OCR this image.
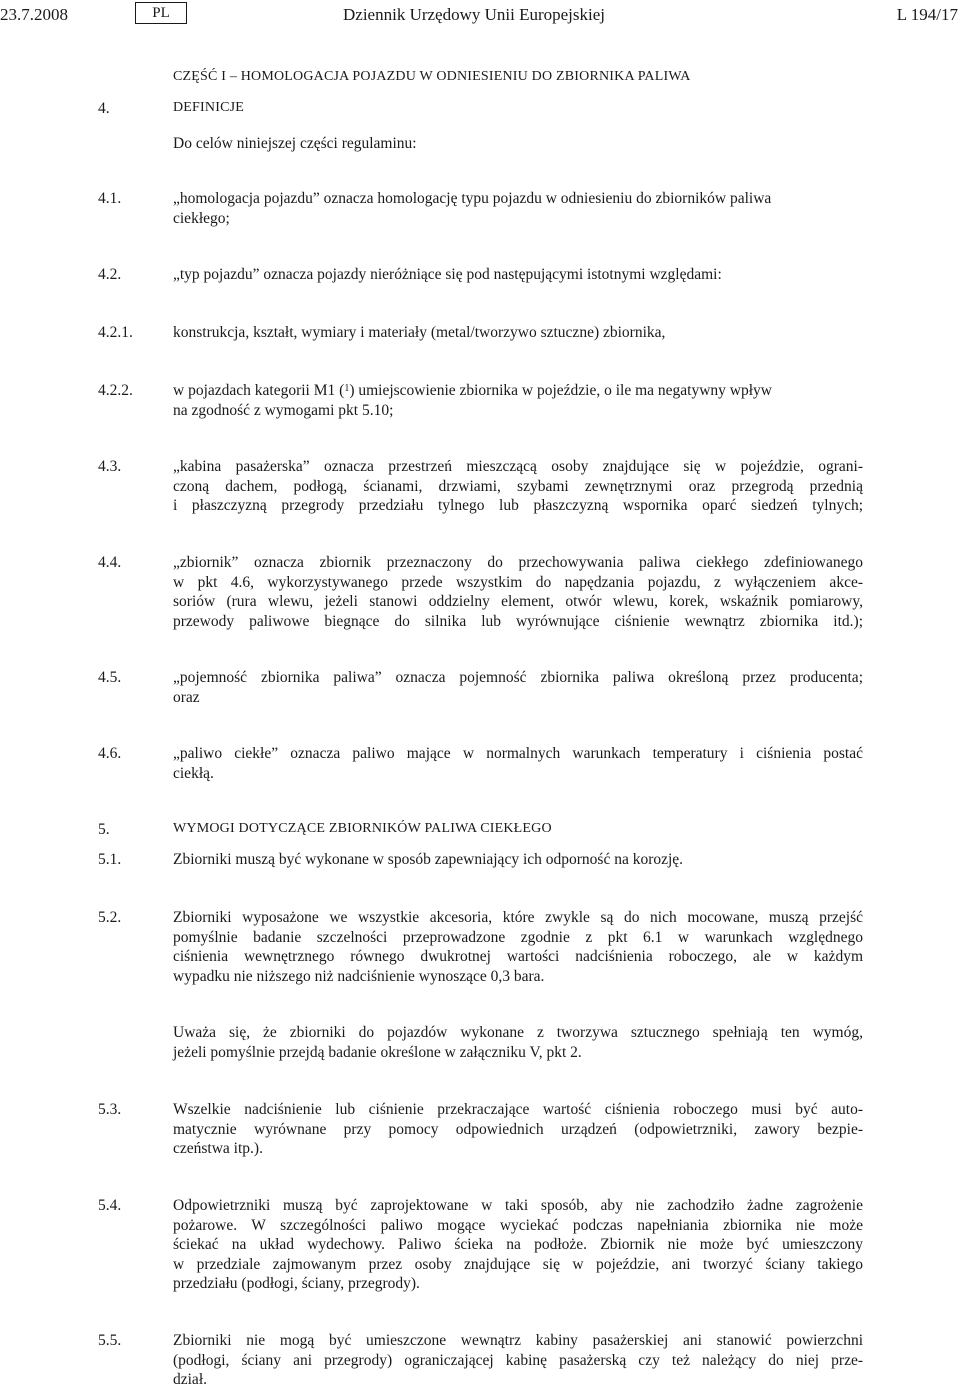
23.7.2008	PL	Dziennik Urzędowy Unii Europejskiej	L 194/17
CZĘŚĆ I – HOMOLOGACJA POJAZDU W ODNIESIENIU DO ZBIORNIKA PALIWA
4.	DEFINICJE
Do celów niniejszej części regulaminu:
4.1.	„homologacja pojazdu” oznacza homologację typu pojazdu w odniesieniu do zbiorników paliwa
ciekłego;
4.2.	„typ pojazdu” oznacza pojazdy nieróżniące się pod następującymi istotnymi względami:
4.2.1.	konstrukcja, kształt, wymiary i materiały (metal/tworzywo sztuczne) zbiornika,
4.2.2.	w pojazdach kategorii M1 ($^1$) umiejscowienie zbiornika w pojeździe, o ile ma negatywny wpływ
na zgodność z wymogami pkt 5.10;
4.3.	„kabina pasażerska” oznacza przestrzeń mieszczącą osoby znajdujące się w pojeździe, ograni-
czoną dachem, podłogą, ścianami, drzwiami, szybami zewnętrznymi oraz przegrodą przednią
i płaszczyzną przegrody przedziału tylnego lub płaszczyzną wspornika oparć siedzeń tylnych;
4.4.	„zbiornik” oznacza zbiornik przeznaczony do przechowywania paliwa ciekłego zdefiniowanego
w pkt 4.6, wykorzystywanego przede wszystkim do napędzania pojazdu, z wyłączeniem akce-
soriów (rura wlewu, jeżeli stanowi oddzielny element, otwór wlewu, korek, wskaźnik pomiarowy,
przewody paliwowe biegnące do silnika lub wyrównujące ciśnienie wewnątrz zbiornika itd.);
4.5.	„pojemność zbiornika paliwa” oznacza pojemność zbiornika paliwa określoną przez producenta;
oraz
4.6.	„paliwo ciekłe” oznacza paliwo mające w normalnych warunkach temperatury i ciśnienia postać
ciekłą.
5.	WYMOGI DOTYCZĄCE ZBIORNIKÓW PALIWA CIEKŁEGO
5.1.	Zbiorniki muszą być wykonane w sposób zapewniający ich odporność na korozję.
5.2.	Zbiorniki wyposażone we wszystkie akcesoria, które zwykle są do nich mocowane, muszą przejść
pomyślnie badanie szczelności przeprowadzone zgodnie z pkt 6.1 w warunkach względnego
ciśnienia wewnętrznego równego dwukrotnej wartości nadciśnienia roboczego, ale w każdym
wypadku nie niższego niż nadciśnienie wynoszące 0,3 bara.
Uważa się, że zbiorniki do pojazdów wykonane z tworzywa sztucznego spełniają ten wymóg,
jeżeli pomyślnie przejdą badanie określone w załączniku V, pkt 2.
5.3.	Wszelkie nadciśnienie lub ciśnienie przekraczające wartość ciśnienia roboczego musi być auto-
matycznie wyrównane przy pomocy odpowiednich urządzeń (odpowietrzniki, zawory bezpie-
czeństwa itp.).
5.4.	Odpowietrzniki muszą być zaprojektowane w taki sposób, aby nie zachodziło żadne zagrożenie
pożarowe. W szczególności paliwo mogące wyciekać podczas napełniania zbiornika nie może
ściekać na układ wydechowy. Paliwo ścieka na podłoże. Zbiornik nie może być umieszczony
w przedziale zajmowanym przez osoby znajdujące się w pojeździe, ani tworzyć ściany takiego
przedziału (podłogi, ściany, przegrody).
5.5.	Zbiorniki nie mogą być umieszczone wewnątrz kabiny pasażerskiej ani stanowić powierzchni
(podłogi, ściany ani przegrody) ograniczającej kabinę pasażerską czy też należący do niej prze-
dział.
